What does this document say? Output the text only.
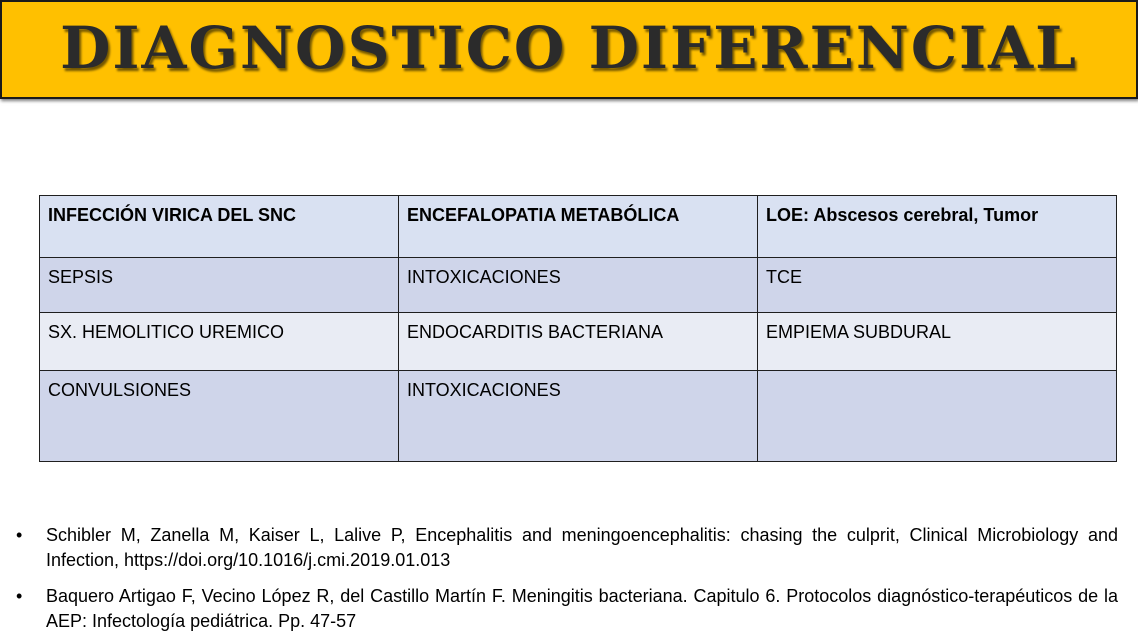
DIAGNOSTICO DIFERENCIAL
INFECCIÓN VIRICA DEL SNC	ENCEFALOPATIA METABÓLICA	LOE: Abscesos cerebral, Tumor
SEPSIS	INTOXICACIONES	TCE
SX. HEMOLITICO UREMICO	ENDOCARDITIS BACTERIANA	EMPIEMA SUBDURAL
CONVULSIONES	INTOXICACIONES	
•	Schibler M, Zanella M, Kaiser L, Lalive P, Encephalitis and meningoencephalitis: chasing the culprit, Clinical Microbiology and Infection, https://doi.org/10.1016/j.cmi.2019.01.013
•	Baquero Artigao F, Vecino López R, del Castillo Martín F. Meningitis bacteriana. Capitulo 6. Protocolos diagnóstico-terapéuticos de la AEP: Infectología pediátrica. Pp. 47-57
